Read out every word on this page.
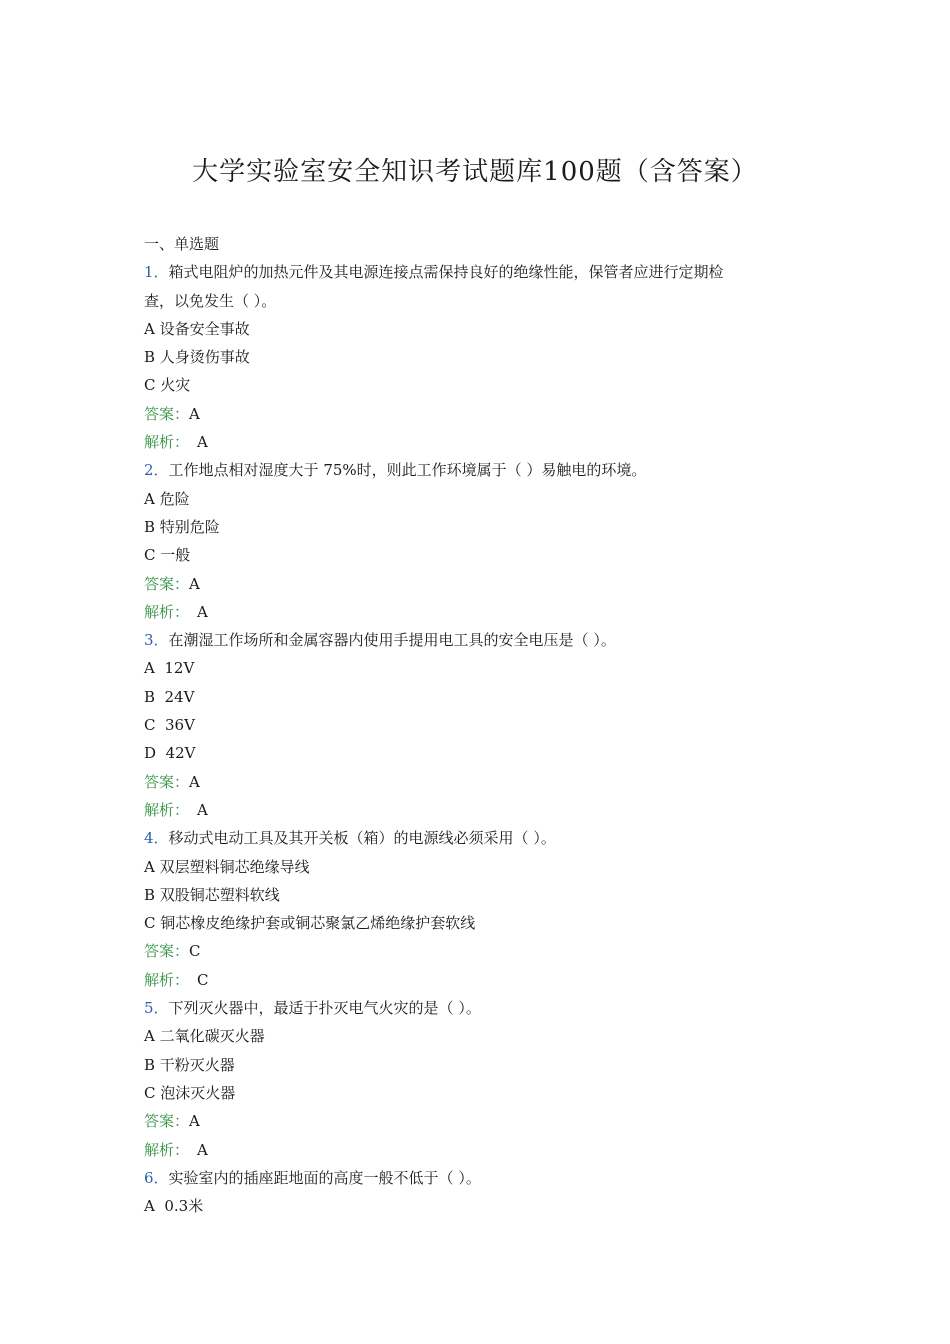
大学实验室安全知识考试题库100题（含答案）
一、单选题
1．箱式电阻炉的加热元件及其电源连接点需保持良好的绝缘性能，保管者应进行定期检
查，以免发生（ ）。
A 设备安全事故
B 人身烫伤事故
C 火灾
答案：A
解析： A
2．工作地点相对湿度大于 75%时，则此工作环境属于（ ）易触电的环境。
A 危险
B 特别危险
C 一般
答案：A
解析： A
3．在潮湿工作场所和金属容器内使用手提用电工具的安全电压是（ ）。
A  12V
B  24V
C  36V
D  42V
答案：A
解析： A
4．移动式电动工具及其开关板（箱）的电源线必须采用（ ）。
A 双层塑料铜芯绝缘导线
B 双股铜芯塑料软线
C 铜芯橡皮绝缘护套或铜芯聚氯乙烯绝缘护套软线
答案：C
解析： C
5．下列灭火器中，最适于扑灭电气火灾的是（ ）。
A 二氧化碳灭火器
B 干粉灭火器
C 泡沫灭火器
答案：A
解析： A
6．实验室内的插座距地面的高度一般不低于（ ）。
A  0.3米
